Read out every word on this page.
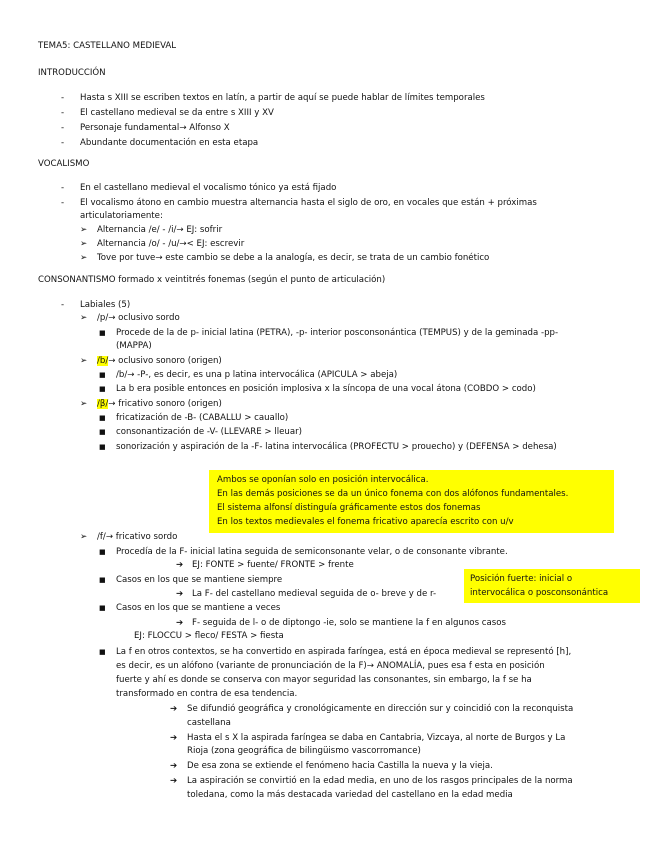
TEMA5: CASTELLANO MEDIEVAL
INTRODUCCIÓN
- Hasta s XIII se escriben textos en latín, a partir de aquí se puede hablar de límites temporales
- El castellano medieval se da entre s XIII y XV
- Personaje fundamental→ Alfonso X
- Abundante documentación en esta etapa
VOCALISMO
- En el castellano medieval el vocalismo tónico ya está fijado
- El vocalismo átono en cambio muestra alternancia hasta el siglo de oro, en vocales que están + próximas
articulatoriamente:
➢ Alternancia /e/ - /i/→ EJ: sofrir
➢ Alternancia /o/ - /u/→< EJ: escrevir
➢ Tove por tuve→ este cambio se debe a la analogía, es decir, se trata de un cambio fonético
CONSONANTISMO formado x veintitrés fonemas (según el punto de articulación)
- Labiales (5)
➢ /p/→ oclusivo sordo
■ Procede de la de p- inicial latina (PETRA), -p- interior posconsonántica (TEMPUS) y de la geminada -pp-
(MAPPA)
➢ /b/→ oclusivo sonoro (origen)
■ /b/→ -P-, es decir, es una p latina intervocálica (APICULA > abeja)
■ La b era posible entonces en posición implosiva x la síncopa de una vocal átona (COBDO > codo)
➢ /β/→ fricativo sonoro (origen)
■ fricatización de -B- (CABALLU > cauallo)
■ consonantización de -V- (LLEVARE > lleuar)
■ sonorización y aspiración de la -F- latina intervocálica (PROFECTU > prouecho) y (DEFENSA > dehesa)
Ambos se oponían solo en posición intervocálica.
En las demás posiciones se da un único fonema con dos alófonos fundamentales.
El sistema alfonsí distinguía gráficamente estos dos fonemas
En los textos medievales el fonema fricativo aparecía escrito con u/v
➢ /f/→ fricativo sordo
■ Procedía de la F- inicial latina seguida de semiconsonante velar, o de consonante vibrante.
➔ EJ: FONTE > fuente/ FRONTE > frente
■ Casos en los que se mantiene siempre
➔ La F- del castellano medieval seguida de o- breve y de r-
Posición fuerte: inicial o
intervocálica o posconsonántica
■ Casos en los que se mantiene a veces
➔ F- seguida de l- o de diptongo -ie, solo se mantiene la f en algunos casos
EJ: FLOCCU > fleco/ FESTA > fiesta
■ La f en otros contextos, se ha convertido en aspirada faríngea, está en época medieval se representó [h],
es decir, es un alófono (variante de pronunciación de la F)→ ANOMALÍA, pues esa f esta en posición
fuerte y ahí es donde se conserva con mayor seguridad las consonantes, sin embargo, la f se ha
transformado en contra de esa tendencia.
➔ Se difundió geográfica y cronológicamente en dirección sur y coincidió con la reconquista
castellana
➔ Hasta el s X la aspirada faríngea se daba en Cantabria, Vizcaya, al norte de Burgos y La
Rioja (zona geográfica de bilingüismo vascorromance)
➔ De esa zona se extiende el fenómeno hacia Castilla la nueva y la vieja.
➔ La aspiración se convirtió en la edad media, en uno de los rasgos principales de la norma
toledana, como la más destacada variedad del castellano en la edad media
